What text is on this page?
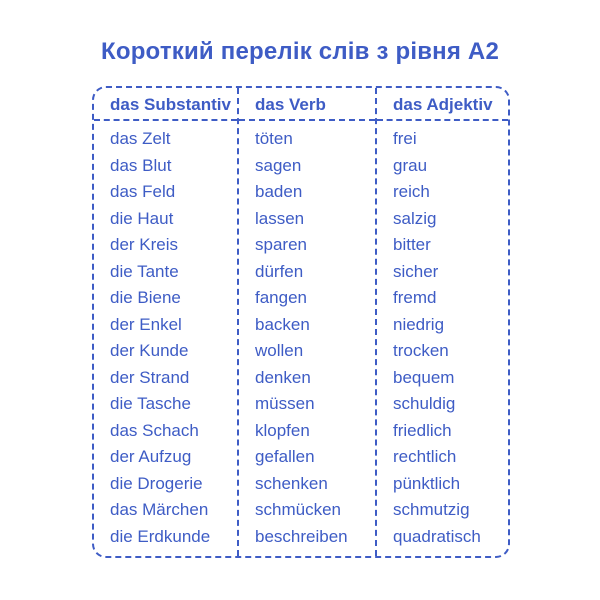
Короткий перелік слів з рівня А2
das Substantiv
das Zelt
das Blut
das Feld
die Haut
der Kreis
die Tante
die Biene
der Enkel
der Kunde
der Strand
die Tasche
das Schach
der Aufzug
die Drogerie
das Märchen
die Erdkunde
das Verb
töten
sagen
baden
lassen
sparen
dürfen
fangen
backen
wollen
denken
müssen
klopfen
gefallen
schenken
schmücken
beschreiben
das Adjektiv
frei
grau
reich
salzig
bitter
sicher
fremd
niedrig
trocken
bequem
schuldig
friedlich
rechtlich
pünktlich
schmutzig
quadratisch
